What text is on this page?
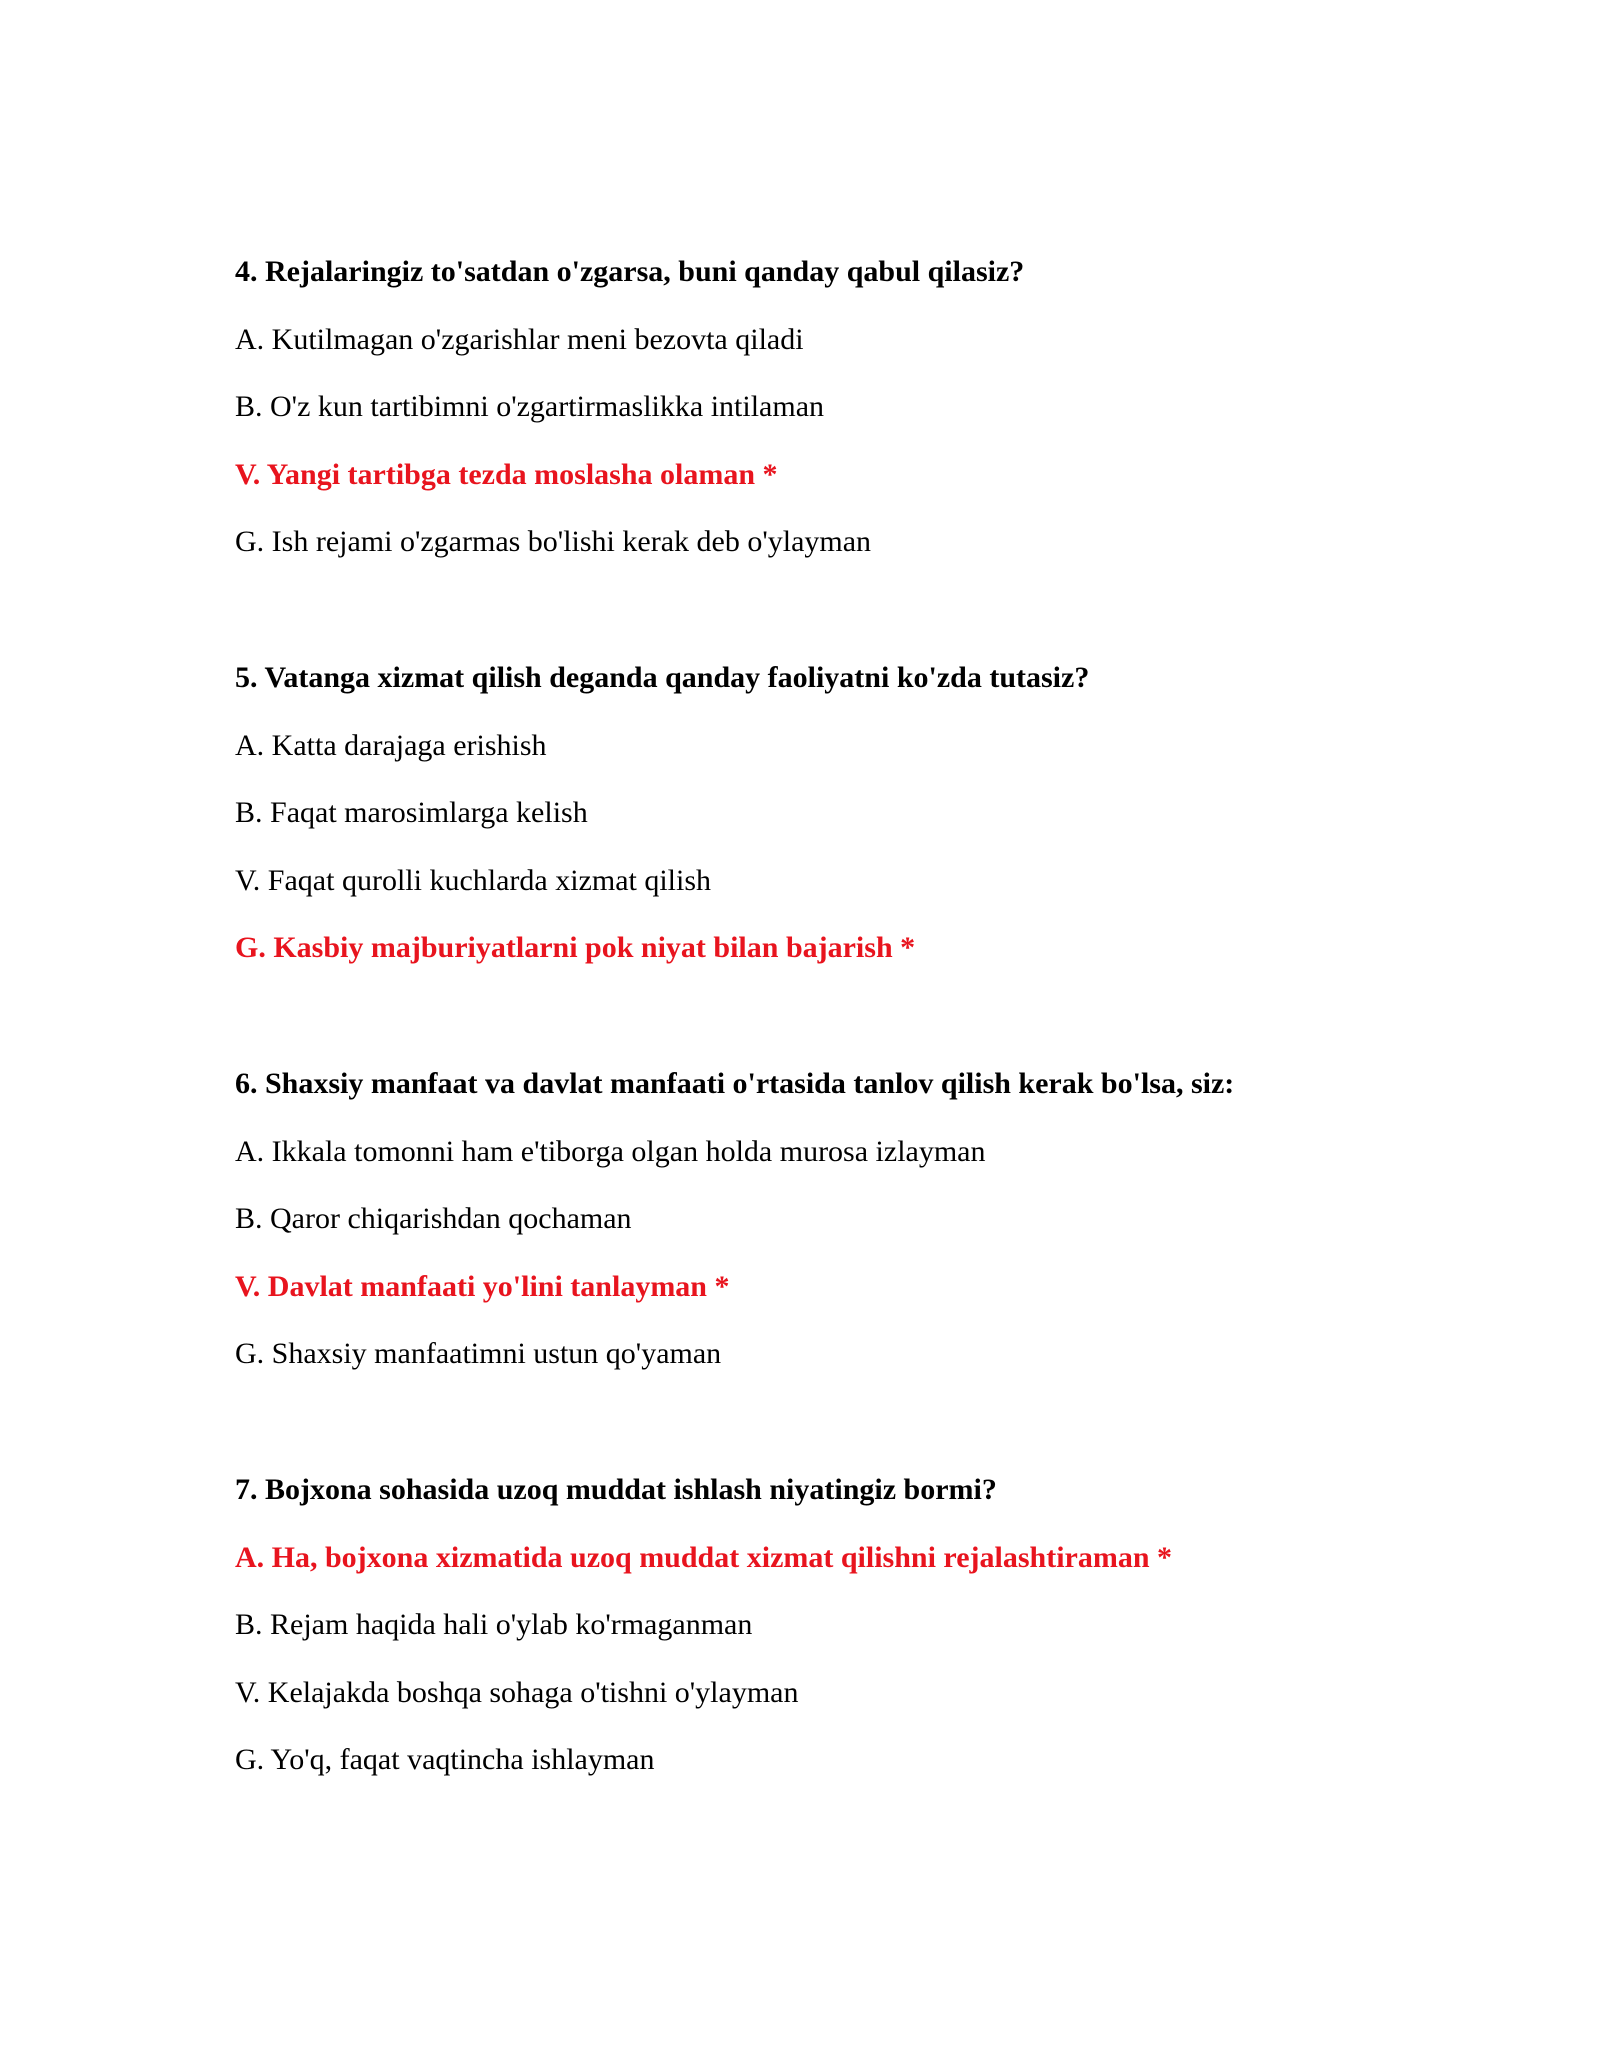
4. Rejalaringiz to'satdan o'zgarsa, buni qanday qabul qilasiz?
A. Kutilmagan o'zgarishlar meni bezovta qiladi
B. O'z kun tartibimni o'zgartirmaslikka intilaman
V. Yangi tartibga tezda moslasha olaman *
G. Ish rejami o'zgarmas bo'lishi kerak deb o'ylayman
5. Vatanga xizmat qilish deganda qanday faoliyatni ko'zda tutasiz?
A. Katta darajaga erishish
B. Faqat marosimlarga kelish
V. Faqat qurolli kuchlarda xizmat qilish
G. Kasbiy majburiyatlarni pok niyat bilan bajarish *
6. Shaxsiy manfaat va davlat manfaati o'rtasida tanlov qilish kerak bo'lsa, siz:
A. Ikkala tomonni ham e'tiborga olgan holda murosa izlayman
B. Qaror chiqarishdan qochaman
V. Davlat manfaati yo'lini tanlayman *
G. Shaxsiy manfaatimni ustun qo'yaman
7. Bojxona sohasida uzoq muddat ishlash niyatingiz bormi?
A. Ha, bojxona xizmatida uzoq muddat xizmat qilishni rejalashtiraman *
B. Rejam haqida hali o'ylab ko'rmaganman
V. Kelajakda boshqa sohaga o'tishni o'ylayman
G. Yo'q, faqat vaqtincha ishlayman
